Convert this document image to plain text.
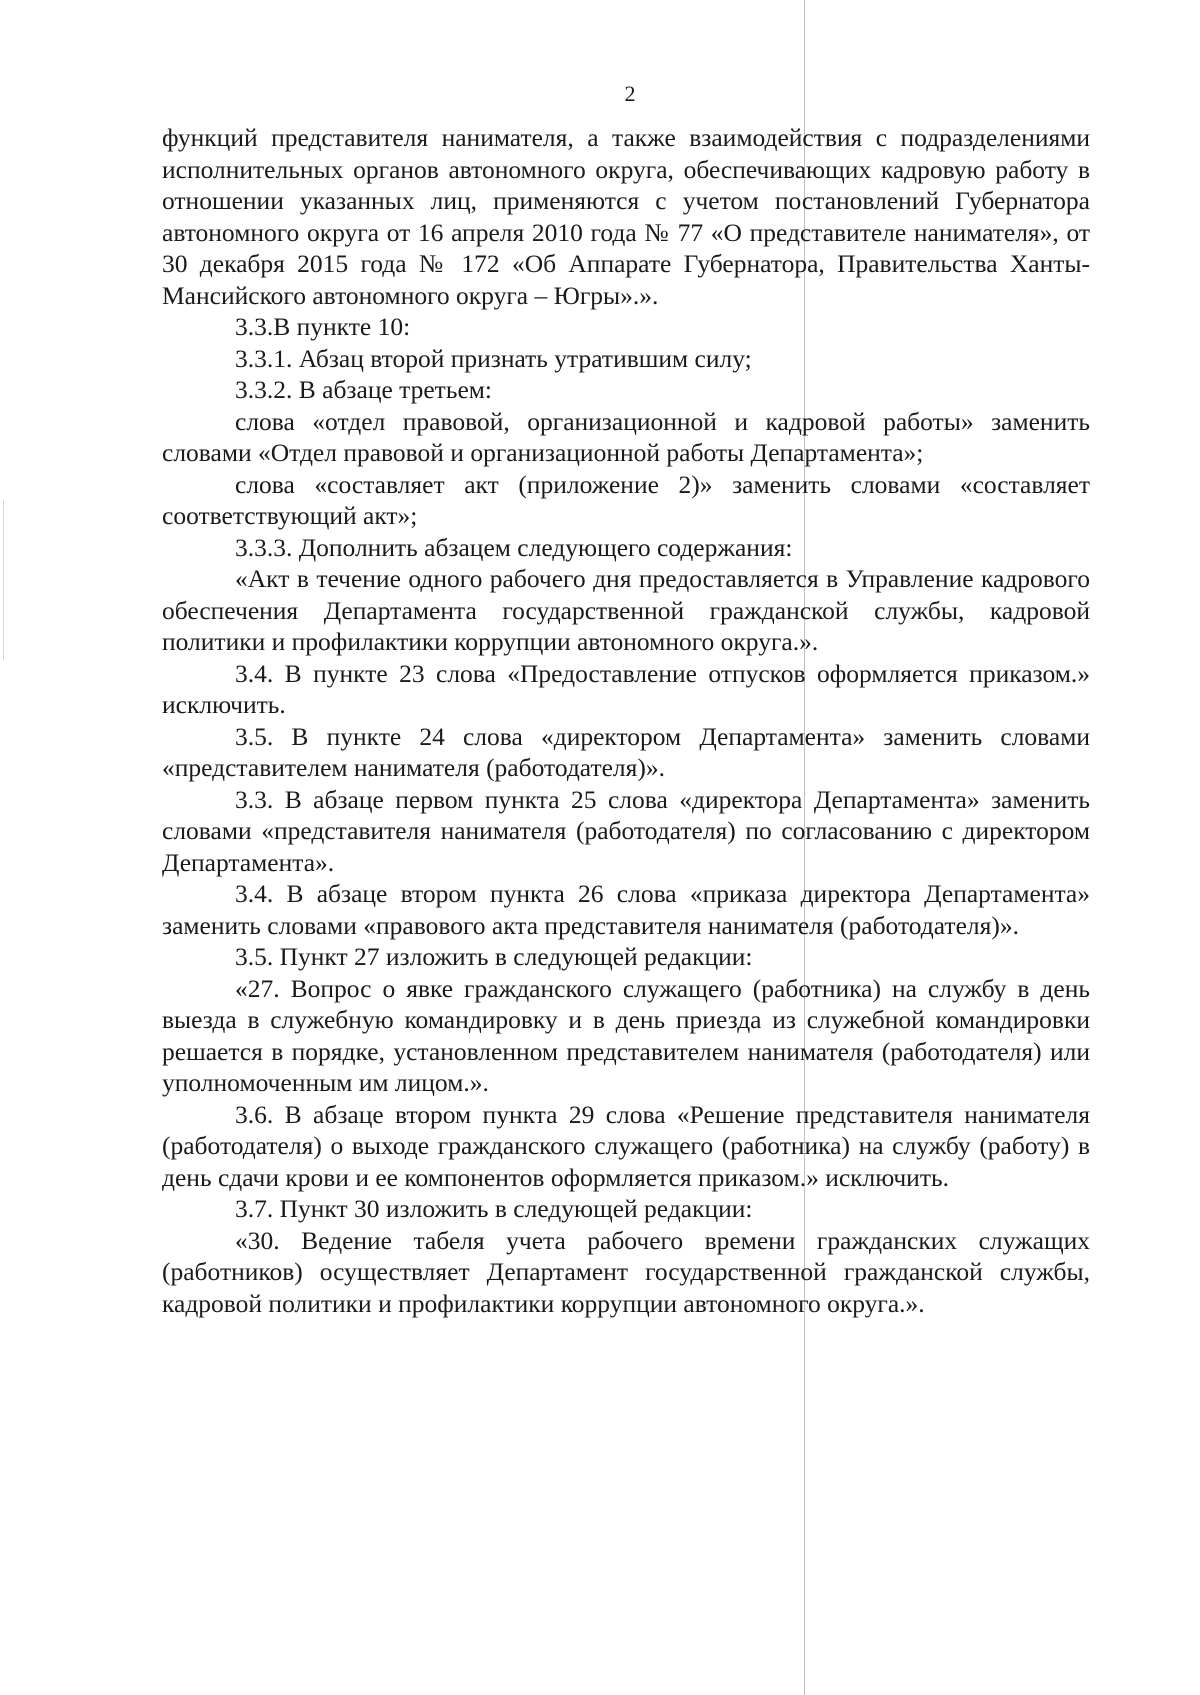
2

функций представителя нанимателя, а также взаимодействия с подразделениями исполнительных органов автономного округа, обеспечивающих кадровую работу в отношении указанных лиц, применяются с учетом постановлений Губернатора автономного округа от 16 апреля 2010 года № 77 «О представителе нанимателя», от 30 декабря 2015 года № 172 «Об Аппарате Губернатора, Правительства Ханты-Мансийского автономного округа – Югры».».

3.3.В пункте 10:

3.3.1. Абзац второй признать утратившим силу;

3.3.2. В абзаце третьем:

слова «отдел правовой, организационной и кадровой работы» заменить словами «Отдел правовой и организационной работы Департамента»;

слова «составляет акт (приложение 2)» заменить словами «составляет соответствующий акт»;

3.3.3. Дополнить абзацем следующего содержания:

«Акт в течение одного рабочего дня предоставляется в Управление кадрового обеспечения Департамента государственной гражданской службы, кадровой политики и профилактики коррупции автономного округа.».

3.4. В пункте 23 слова «Предоставление отпусков оформляется приказом.» исключить.

3.5. В пункте 24 слова «директором Департамента» заменить словами «представителем нанимателя (работодателя)».

3.3. В абзаце первом пункта 25 слова «директора Департамента» заменить словами «представителя нанимателя (работодателя) по согласованию с директором Департамента».

3.4. В абзаце втором пункта 26 слова «приказа директора Департамента» заменить словами «правового акта представителя нанимателя (работодателя)».

3.5. Пункт 27 изложить в следующей редакции:

«27. Вопрос о явке гражданского служащего (работника) на службу в день выезда в служебную командировку и в день приезда из служебной командировки решается в порядке, установленном представителем нанимателя (работодателя) или уполномоченным им лицом.».

3.6. В абзаце втором пункта 29 слова «Решение представителя нанимателя (работодателя) о выходе гражданского служащего (работника) на службу (работу) в день сдачи крови и ее компонентов оформляется приказом.» исключить.

3.7. Пункт 30 изложить в следующей редакции:

«30. Ведение табеля учета рабочего времени гражданских служащих (работников) осуществляет Департамент государственной гражданской службы, кадровой политики и профилактики коррупции автономного округа.».
